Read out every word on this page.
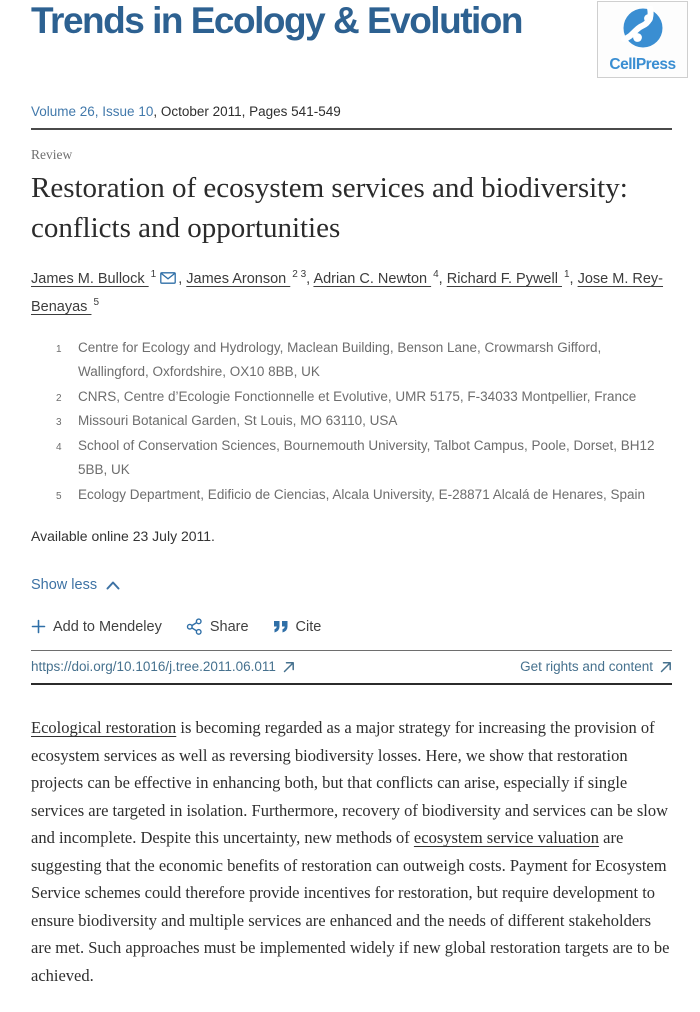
Trends in Ecology & Evolution
CellPress
Volume 26, Issue 10, October 2011, Pages 541-549
Review
Restoration of ecosystem services and biodiversity: conflicts and opportunities
James M. Bullock $^1$ , James Aronson $^{2 3}$, Adrian C. Newton $^4$, Richard F. Pywell $^1$, Jose M. Rey-Benayas $^5$
1 Centre for Ecology and Hydrology, Maclean Building, Benson Lane, Crowmarsh Gifford, Wallingford, Oxfordshire, OX10 8BB, UK
2 CNRS, Centre d’Ecologie Fonctionnelle et Evolutive, UMR 5175, F-34033 Montpellier, France
3 Missouri Botanical Garden, St Louis, MO 63110, USA
4 School of Conservation Sciences, Bournemouth University, Talbot Campus, Poole, Dorset, BH12 5BB, UK
5 Ecology Department, Edificio de Ciencias, Alcala University, E-28871 Alcalá de Henares, Spain
Available online 23 July 2011.
Show less
Add to Mendeley	Share	Cite
https://doi.org/10.1016/j.tree.2011.06.011	Get rights and content

Ecological restoration is becoming regarded as a major strategy for increasing the provision of ecosystem services as well as reversing biodiversity losses. Here, we show that restoration projects can be effective in enhancing both, but that conflicts can arise, especially if single services are targeted in isolation. Furthermore, recovery of biodiversity and services can be slow and incomplete. Despite this uncertainty, new methods of ecosystem service valuation are suggesting that the economic benefits of restoration can outweigh costs. Payment for Ecosystem Service schemes could therefore provide incentives for restoration, but require development to ensure biodiversity and multiple services are enhanced and the needs of different stakeholders are met. Such approaches must be implemented widely if new global restoration targets are to be achieved.
